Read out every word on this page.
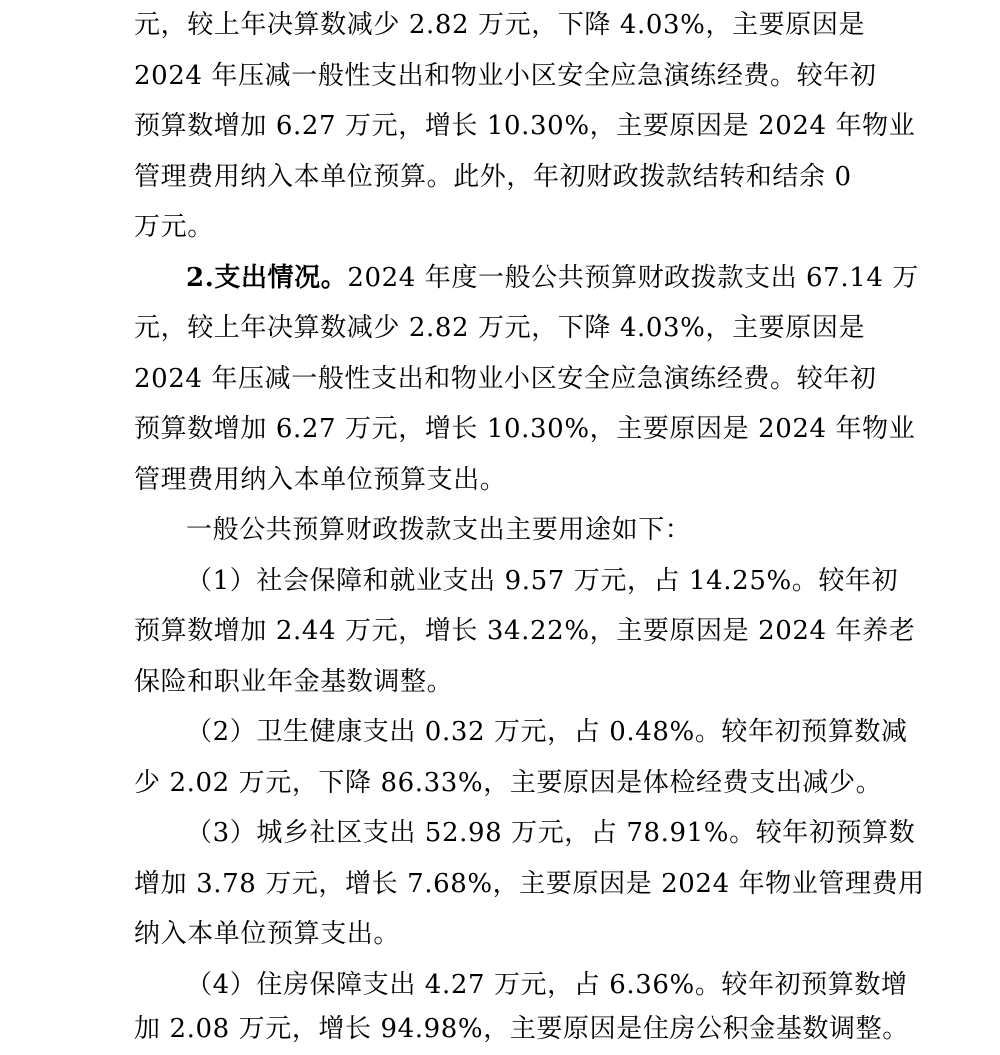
元，较上年决算数减少 2.82 万元，下降 4.03%，主要原因是
2024 年压减一般性支出和物业小区安全应急演练经费。较年初
预算数增加 6.27 万元，增长 10.30%，主要原因是 2024 年物业
管理费用纳入本单位预算。此外，年初财政拨款结转和结余 0
万元。
2.支出情况。2024 年度一般公共预算财政拨款支出 67.14 万
元，较上年决算数减少 2.82 万元，下降 4.03%，主要原因是
2024 年压减一般性支出和物业小区安全应急演练经费。较年初
预算数增加 6.27 万元，增长 10.30%，主要原因是 2024 年物业
管理费用纳入本单位预算支出。
一般公共预算财政拨款支出主要用途如下：
（1）社会保障和就业支出 9.57 万元，占 14.25%。较年初
预算数增加 2.44 万元，增长 34.22%，主要原因是 2024 年养老
保险和职业年金基数调整。
（2）卫生健康支出 0.32 万元，占 0.48%。较年初预算数减
少 2.02 万元，下降 86.33%，主要原因是体检经费支出减少。
（3）城乡社区支出 52.98 万元，占 78.91%。较年初预算数
增加 3.78 万元，增长 7.68%，主要原因是 2024 年物业管理费用
纳入本单位预算支出。
（4）住房保障支出 4.27 万元，占 6.36%。较年初预算数增
加 2.08 万元，增长 94.98%，主要原因是住房公积金基数调整。
